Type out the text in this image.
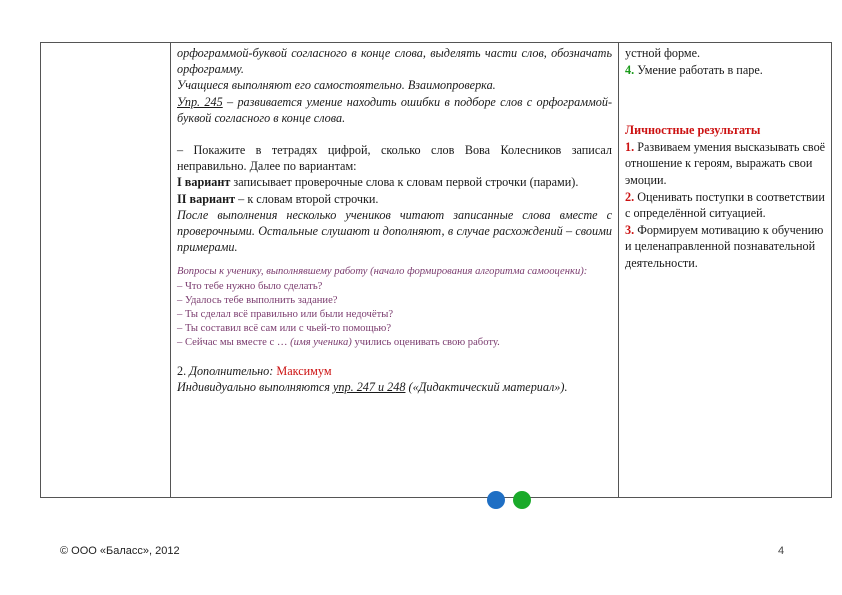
орфограммой-буквой согласного в конце слова, выделять части слов, обозначать орфограмму.

Учащиеся выполняют его самостоятельно. Взаимопроверка.

Упр. 245 – развивается умение находить ошибки в подборе слов с орфограммой-буквой согласного в конце слова.

– Покажите в тетрадях цифрой, сколько слов Вова Колесников записал неправильно. Далее по вариантам:

I вариант записывает проверочные слова к словам первой строчки (парами).

II вариант – к словам второй строчки.

После выполнения несколько учеников читают записанные слова вместе с проверочными. Остальные слушают и дополняют, в случае расхождений – своими примерами.

Вопросы к ученику, выполнявшему работу (начало формирования алгоритма самооценки):

– Что тебе нужно было сделать?

– Удалось тебе выполнить задание?

– Ты сделал всё правильно или были недочёты?

– Ты составил всё сам или с чьей-то помощью?

– Сейчас мы вместе с … (имя ученика) учились оценивать свою работу.

2. Дополнительно: Максимум

Индивидуально выполняются упр. 247 и 248 («Дидактический материал»).

устной форме.

4. Умение работать в паре.

Личностные результаты

1. Развиваем умения высказывать своё отношение к героям, выражать свои эмоции.

2. Оценивать поступки в соответствии с определённой ситуацией.

3. Формируем мотивацию к обучению и целенаправленной познавательной деятельности.

© ООО «Баласс», 2012	4
